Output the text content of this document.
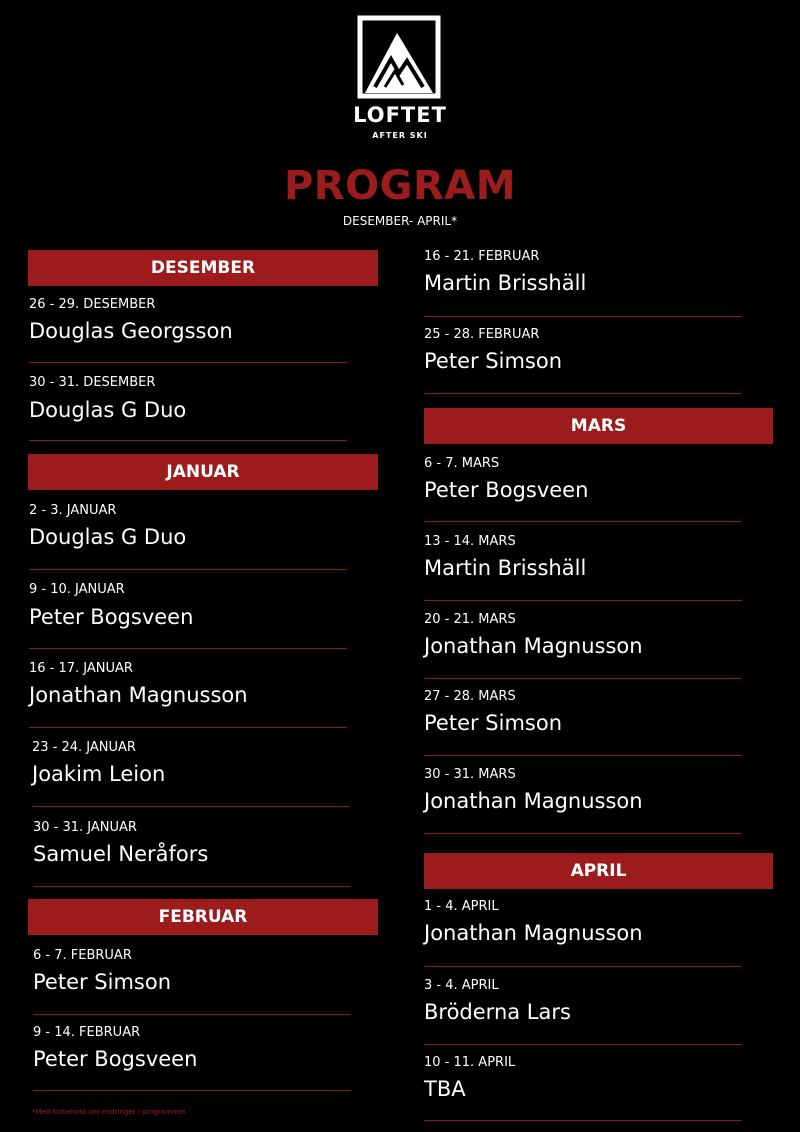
LOFTET
AFTER SKI
PROGRAM
DESEMBER- APRIL*
DESEMBER
26 - 29. DESEMBER
Douglas Georgsson
30 - 31. DESEMBER
Douglas G Duo
JANUAR
2 - 3. JANUAR
Douglas G Duo
9 - 10. JANUAR
Peter Bogsveen
16 - 17. JANUAR
Jonathan Magnusson
23 - 24. JANUAR
Joakim Leion
30 - 31. JANUAR
Samuel Neråfors
FEBRUAR
6 - 7. FEBRUAR
Peter Simson
9 - 14. FEBRUAR
Peter Bogsveen
16 - 21. FEBRUAR
Martin Brisshäll
25 - 28. FEBRUAR
Peter Simson
MARS
6 - 7. MARS
Peter Bogsveen
13 - 14. MARS
Martin Brisshäll
20 - 21. MARS
Jonathan Magnusson
27 - 28. MARS
Peter Simson
30 - 31. MARS
Jonathan Magnusson
APRIL
1 - 4. APRIL
Jonathan Magnusson
3 - 4. APRIL
Bröderna Lars
10 - 11. APRIL
TBA
*Med forbehold om endringer i programmet
